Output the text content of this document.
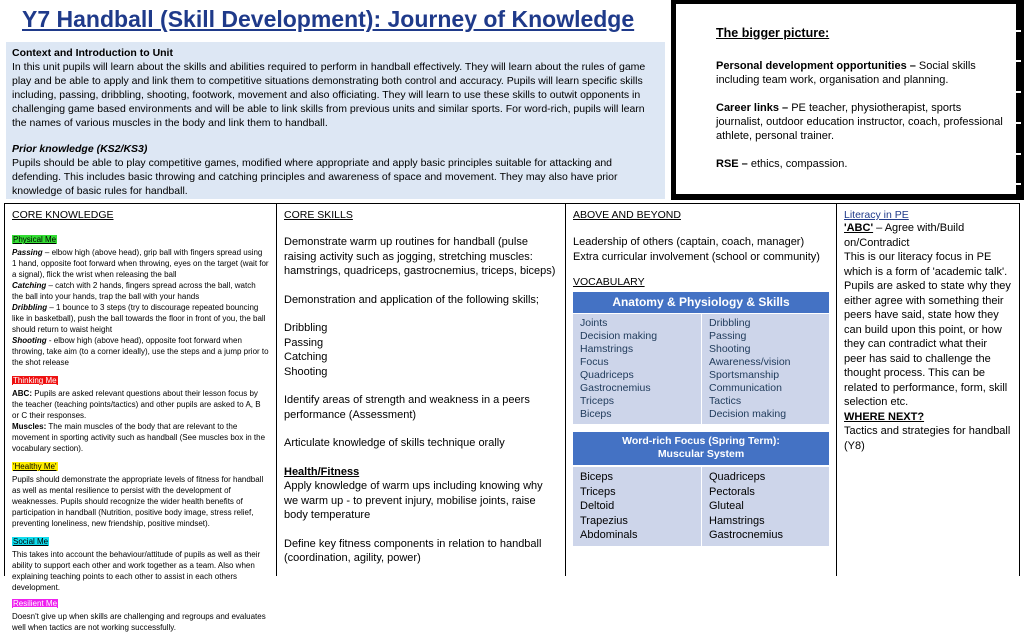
Y7 Handball (Skill Development): Journey of Knowledge
Context and Introduction to Unit
In this unit pupils will learn about the skills and abilities required to perform in handball effectively. They will learn about the rules of game play and be able to apply and link them to competitive situations demonstrating both control and accuracy. Pupils will learn specific skills including, passing, dribbling, shooting, footwork, movement and also officiating. They will learn to use these skills to outwit opponents in challenging game based environments and will be able to link skills from previous units and similar sports. For word-rich, pupils will learn the names of various muscles in the body and link them to handball.
Prior knowledge (KS2/KS3)
Pupils should be able to play competitive games, modified where appropriate and apply basic principles suitable for attacking and defending. This includes basic throwing and catching principles and awareness of space and movement. They may also have prior knowledge of basic rules for handball.
The bigger picture:

Personal development opportunities – Social skills including team work, organisation and planning.

Career links – PE teacher, physiotherapist, sports journalist, outdoor education instructor, coach, professional athlete, personal trainer.

RSE – ethics, compassion.

CORE KNOWLEDGE
Physical Me
Passing – elbow high (above head), grip ball with fingers spread using 1 hand, opposite foot forward when throwing, eyes on the target (wait for a signal), flick the wrist when releasing the ball
Catching – catch with 2 hands, fingers spread across the ball, watch the ball into your hands, trap the ball with your hands
Dribbling – 1 bounce to 3 steps (try to discourage repeated bouncing like in basketball), push the ball towards the floor in front of you, the ball should return to waist height
Shooting - elbow high (above head), opposite foot forward when throwing, take aim (to a corner ideally), use the steps and a jump prior to the shot release
Thinking Me
ABC: Pupils are asked relevant questions about their lesson focus by the teacher (teaching points/tactics) and other pupils are asked to A, B or C their responses.
Muscles: The main muscles of the body that are relevant to the movement in sporting activity such as handball (See muscles box in the vocabulary section).
'Healthy Me'
Pupils should demonstrate the appropriate levels of fitness for handball as well as mental resilience to persist with the development of weaknesses. Pupils should recognize the wider health benefits of participation in handball (Nutrition, positive body image, stress relief, preventing loneliness, new friendship, positive mindset).
Social Me
This takes into account the behaviour/attitude of pupils as well as their ability to support each other and work together as a team. Also when explaining teaching points to each other to assist in each others development.
Resilient Me
Doesn't give up when skills are challenging and regroups and evaluates well when tactics are not working successfully.
CORE SKILLS
Demonstrate warm up routines for handball (pulse raising activity such as jogging, stretching muscles: hamstrings, quadriceps, gastrocnemius, triceps, biceps)
Demonstration and application of the following skills;
Dribbling
Passing
Catching
Shooting
Identify areas of strength and weakness in a peers performance (Assessment)
Articulate knowledge of skills technique orally
Health/Fitness
Apply knowledge of warm ups including knowing why we warm up - to prevent injury, mobilise joints, raise body temperature
Define key fitness components in relation to handball (coordination, agility, power)
ABOVE AND BEYOND
Leadership of others (captain, coach, manager)
Extra curricular involvement (school or community)
VOCABULARY
Anatomy & Physiology & Skills
Joints
Decision making
Hamstrings
Focus
Quadriceps
Gastrocnemius
Triceps
Biceps
Dribbling
Passing
Shooting
Awareness/vision
Sportsmanship
Communication
Tactics
Decision making
Word-rich Focus (Spring Term):
Muscular System
Biceps
Triceps
Deltoid
Trapezius
Abdominals
Quadriceps
Pectorals
Gluteal
Hamstrings
Gastrocnemius
Literacy in PE
'ABC' – Agree with/Build on/Contradict
This is our literacy focus in PE which is a form of 'academic talk'. Pupils are asked to state why they either agree with something their peers have said, state how they can build upon this point, or how they can contradict what their peer has said to challenge the thought process. This can be related to performance, form, skill selection etc.
WHERE NEXT?
Tactics and strategies for handball (Y8)
